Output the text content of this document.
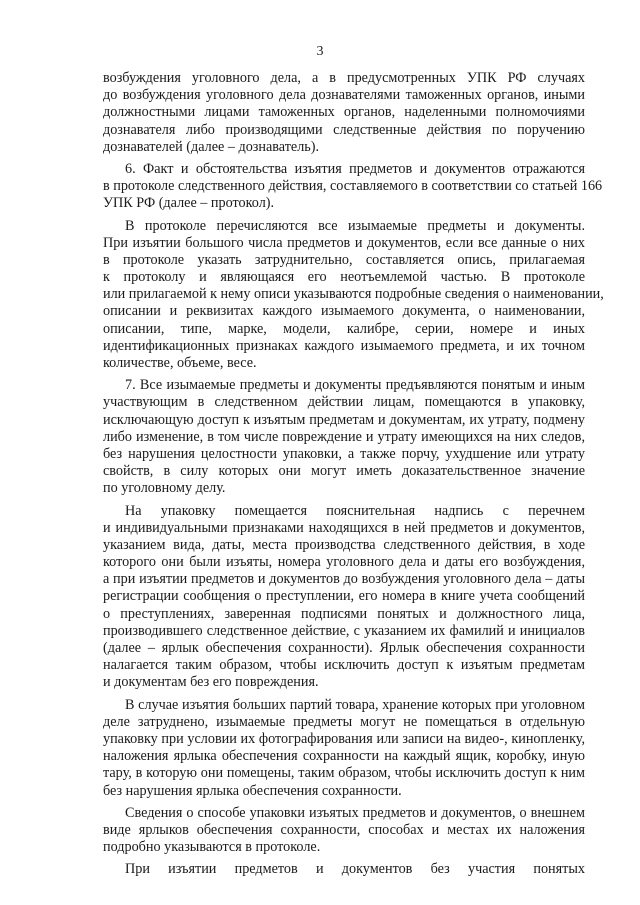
3
возбуждения уголовного дела, а в предусмотренных УПК РФ случаях
до возбуждения уголовного дела дознавателями таможенных органов, иными
должностными лицами таможенных органов, наделенными полномочиями
дознавателя либо производящими следственные действия по поручению
дознавателей (далее – дознаватель).
6. Факт и обстоятельства изъятия предметов и документов отражаются
в протоколе следственного действия, составляемого в соответствии со статьей 166
УПК РФ (далее – протокол).
В протоколе перечисляются все изымаемые предметы и документы.
При изъятии большого числа предметов и документов, если все данные о них
в протоколе указать затруднительно, составляется опись, прилагаемая
к протоколу и являющаяся его неотъемлемой частью. В протоколе
или прилагаемой к нему описи указываются подробные сведения о наименовании,
описании и реквизитах каждого изымаемого документа, о наименовании,
описании, типе, марке, модели, калибре, серии, номере и иных
идентификационных признаках каждого изымаемого предмета, и их точном
количестве, объеме, весе.
7. Все изымаемые предметы и документы предъявляются понятым и иным
участвующим в следственном действии лицам, помещаются в упаковку,
исключающую доступ к изъятым предметам и документам, их утрату, подмену
либо изменение, в том числе повреждение и утрату имеющихся на них следов,
без нарушения целостности упаковки, а также порчу, ухудшение или утрату
свойств, в силу которых они могут иметь доказательственное значение
по уголовному делу.
На упаковку помещается пояснительная надпись с перечнем
и индивидуальными признаками находящихся в ней предметов и документов,
указанием вида, даты, места производства следственного действия, в ходе
которого они были изъяты, номера уголовного дела и даты его возбуждения,
а при изъятии предметов и документов до возбуждения уголовного дела – даты
регистрации сообщения о преступлении, его номера в книге учета сообщений
о преступлениях, заверенная подписями понятых и должностного лица,
производившего следственное действие, с указанием их фамилий и инициалов
(далее – ярлык обеспечения сохранности). Ярлык обеспечения сохранности
налагается таким образом, чтобы исключить доступ к изъятым предметам
и документам без его повреждения.
В случае изъятия больших партий товара, хранение которых при уголовном
деле затруднено, изымаемые предметы могут не помещаться в отдельную
упаковку при условии их фотографирования или записи на видео-, кинопленку,
наложения ярлыка обеспечения сохранности на каждый ящик, коробку, иную
тару, в которую они помещены, таким образом, чтобы исключить доступ к ним
без нарушения ярлыка обеспечения сохранности.
Сведения о способе упаковки изъятых предметов и документов, о внешнем
виде ярлыков обеспечения сохранности, способах и местах их наложения
подробно указываются в протоколе.
При изъятии предметов и документов без участия понятых
